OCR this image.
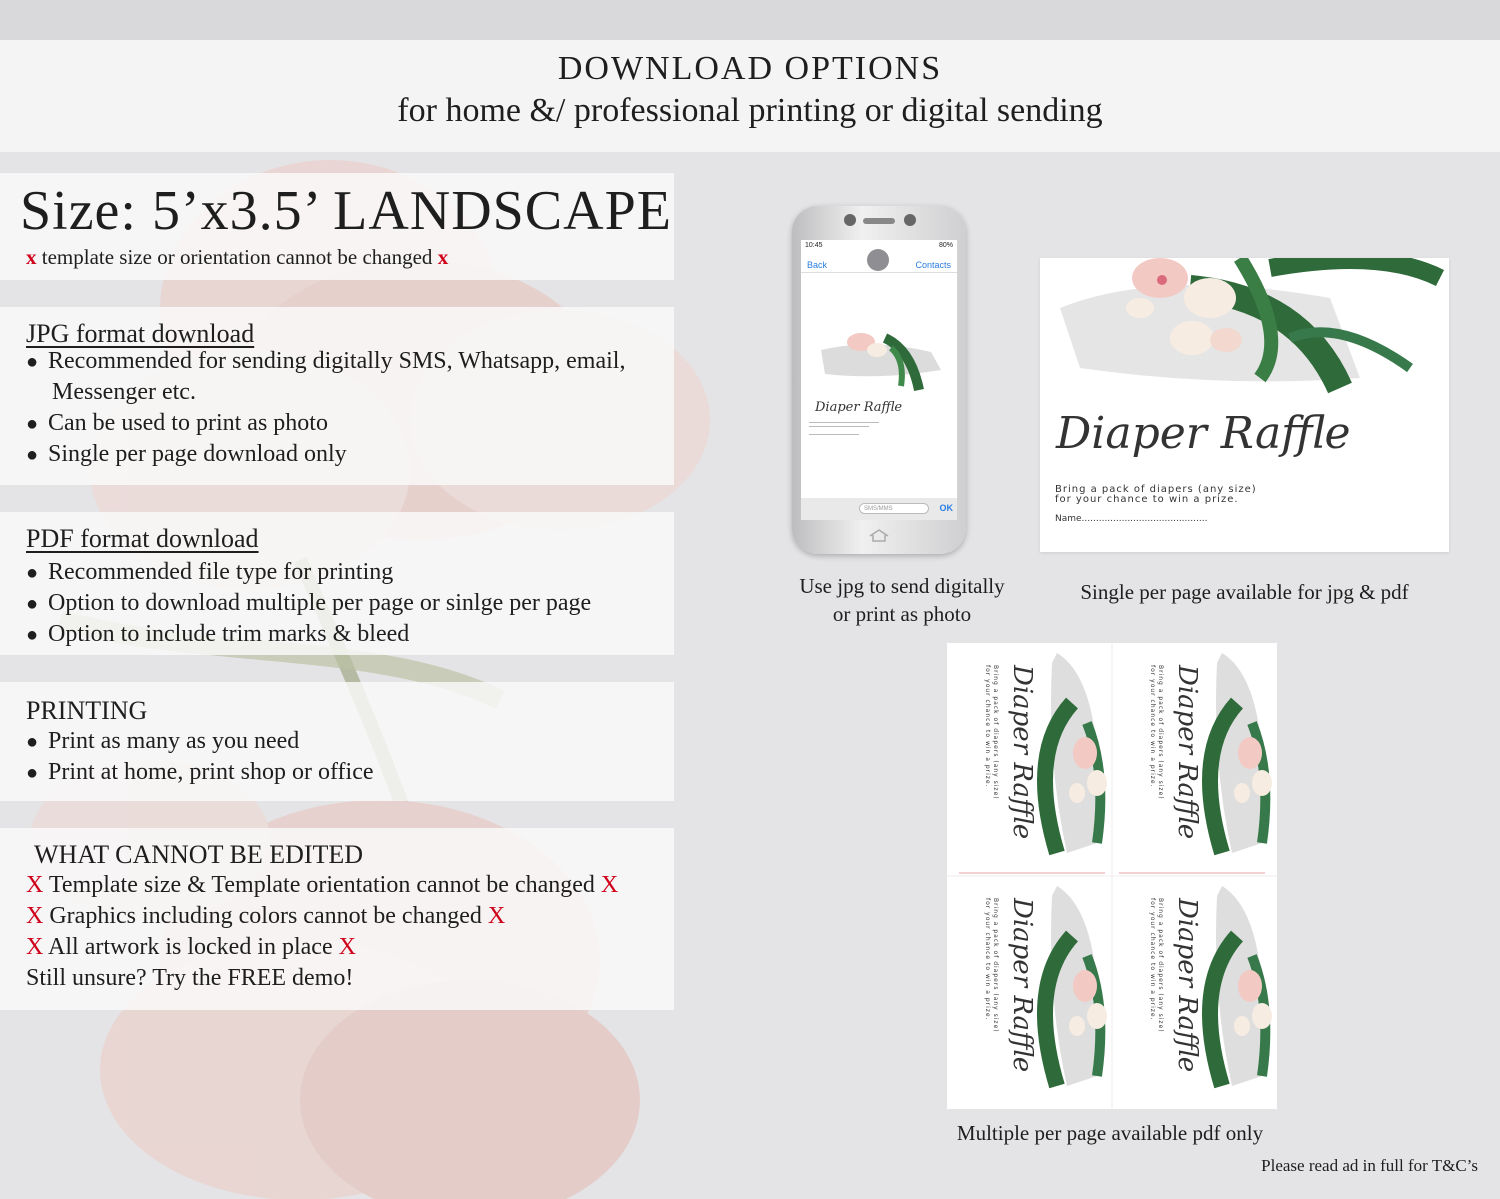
DOWNLOAD OPTIONS
for home &/ professional printing or digital sending
Size: 5’x3.5’ LANDSCAPE
x template size or orientation cannot be changed x
JPG format download
● Recommended for sending digitally SMS, Whatsapp, email,
Messenger etc.
● Can be used to print as photo
● Single per page download only
PDF format download
● Recommended file type for printing
● Option to download multiple per page or sinlge per page
● Option to include trim marks & bleed
PRINTING
● Print as many as you need
● Print at home, print shop or office
WHAT CANNOT BE EDITED
X Template size & Template orientation cannot be changed X
X Graphics including colors cannot be changed X
X All artwork is locked in place X
Still unsure? Try the FREE demo!
10:45	80%
Back	Contacts
Diaper Raffle
SMS/MMS	OK
Diaper Raffle
Bring a pack of diapers (any size)
for your chance to win a prize.
Name............................................
Use jpg to send digitally
or print as photo
Single per page available for jpg & pdf
Diaper Raffle	Diaper Raffle
Diaper Raffle	Diaper Raffle
Bring a pack of diapers (any size)
for your chance to win a prize.	Bring a pack of diapers (any size)
for your chance to win a prize.
Bring a pack of diapers (any size)
for your chance to win a prize.	Bring a pack of diapers (any size)
for your chance to win a prize.
Multiple per page available pdf only
Please read ad in full for T&C’s
